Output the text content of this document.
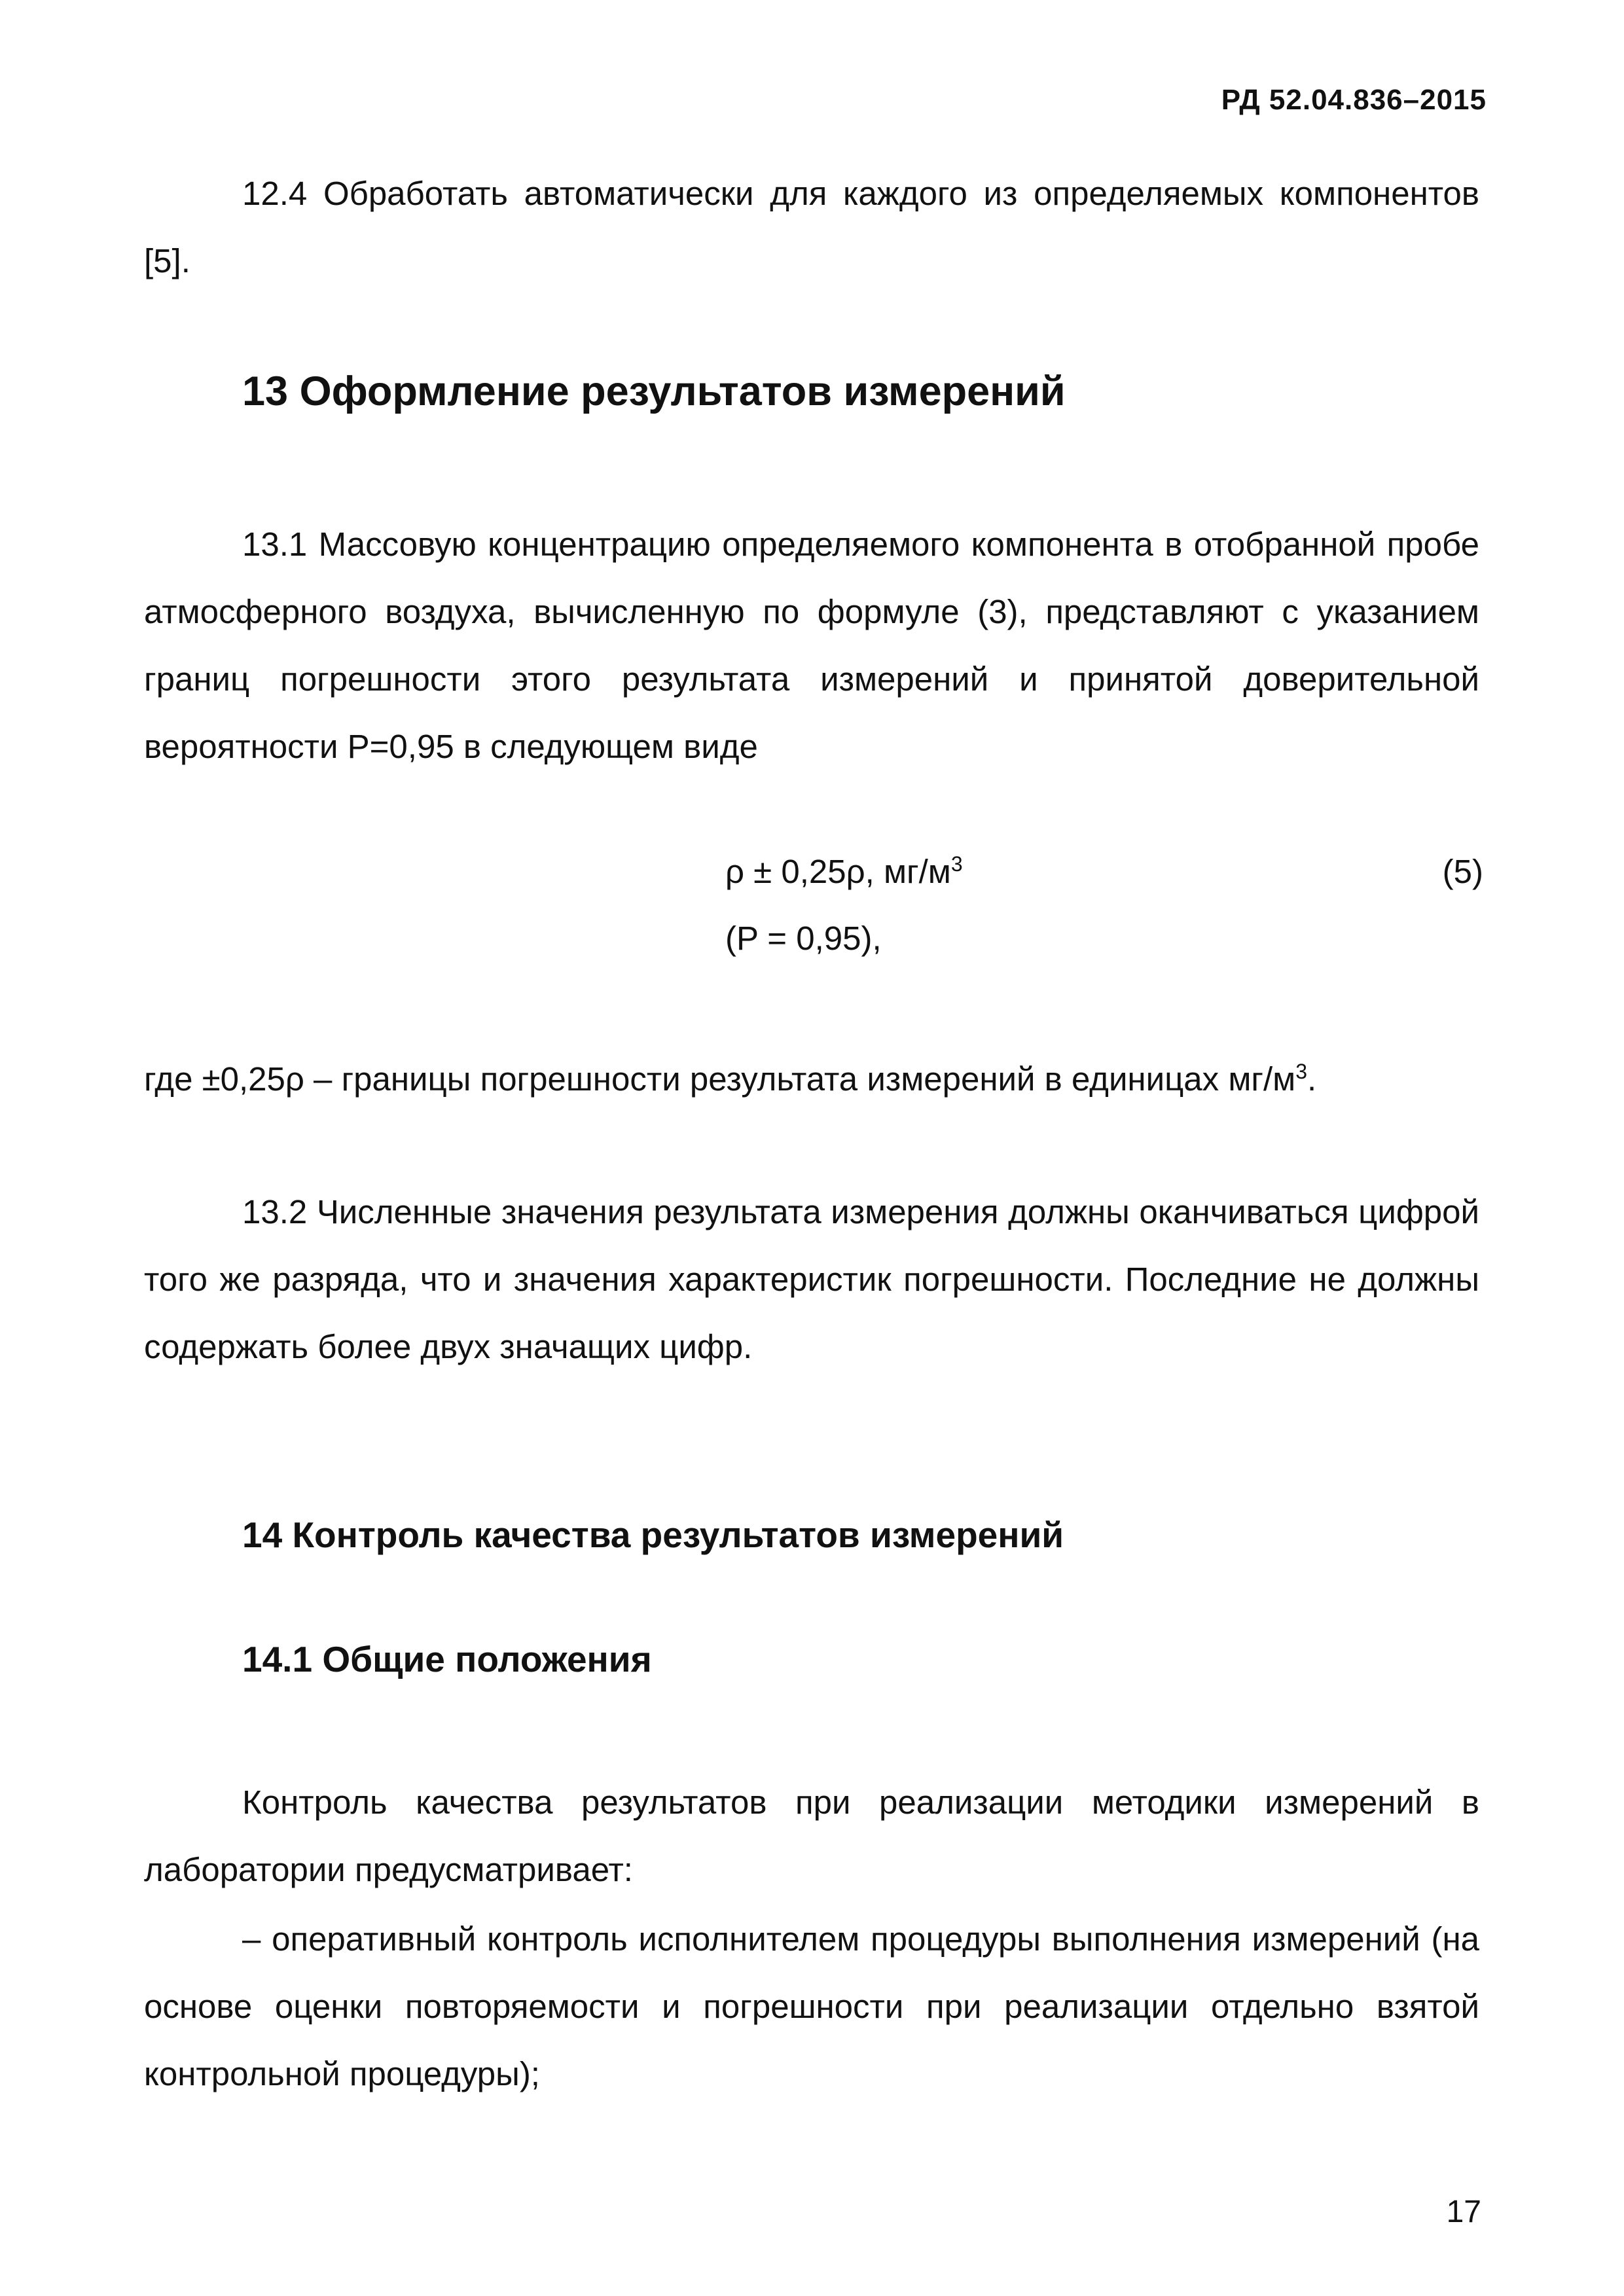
РД 52.04.836–2015

12.4 Обработать автоматически для каждого из определяемых компонентов [5].

13 Оформление результатов измерений

13.1 Массовую концентрацию определяемого компонента в отобранной пробе атмосферного воздуха, вычисленную по формуле (3), представляют с указанием границ погрешности этого результата измерений и принятой доверительной вероятности P=0,95 в следующем виде

ρ ± 0,25ρ, $мг/м^3$	(5)
(P = 0,95),

где ±0,25ρ – границы погрешности результата измерений в единицах $мг/м^3$.

13.2 Численные значения результата измерения должны оканчиваться цифрой того же разряда, что и значения характеристик погрешности. Последние не должны содержать более двух значащих цифр.

14 Контроль качества результатов измерений
14.1 Общие положения

Контроль качества результатов при реализации методики измерений в лаборатории предусматривает:

– оперативный контроль исполнителем процедуры выполнения измерений (на основе оценки повторяемости и погрешности при реализации отдельно взятой контрольной процедуры);

17
